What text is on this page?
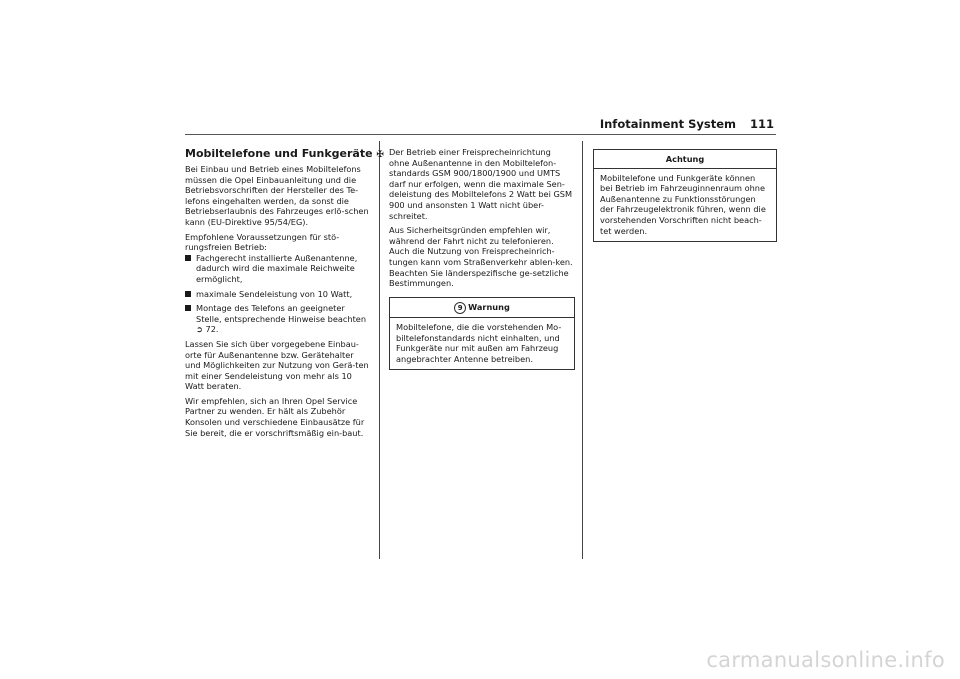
Infotainment System 111
Mobiltelefone und Funkgeräte ✠

Bei Einbau und Betrieb eines Mobiltelefons müssen die Opel Einbauanleitung und die Betriebsvorschriften der Hersteller des Te-lefons eingehalten werden, da sonst die Betriebserlaubnis des Fahrzeuges erlö-schen kann (EU-Direktive 95/54/EG).

Empfohlene Voraussetzungen für stö-rungsfreien Betrieb:

Fachgerecht installierte Außenantenne, dadurch wird die maximale Reichweite ermöglicht,
maximale Sendeleistung von 10 Watt,
Montage des Telefons an geeigneter Stelle, entsprechende Hinweise beachten
➲ 72.

Lassen Sie sich über vorgegebene Einbau-orte für Außenantenne bzw. Gerätehalter und Möglichkeiten zur Nutzung von Gerä-ten mit einer Sendeleistung von mehr als 10 Watt beraten.

Wir empfehlen, sich an Ihren Opel Service Partner zu wenden. Er hält als Zubehör Konsolen und verschiedene Einbausätze für Sie bereit, die er vorschriftsmäßig ein-baut.

Der Betrieb einer Freisprecheinrichtung ohne Außenantenne in den Mobiltelefon-standards GSM 900/1800/1900 und UMTS darf nur erfolgen, wenn die maximale Sen-deleistung des Mobiltelefons 2 Watt bei GSM 900 und ansonsten 1 Watt nicht über-schreitet.

Aus Sicherheitsgründen empfehlen wir, während der Fahrt nicht zu telefonieren. Auch die Nutzung von Freisprecheinrich-tungen kann vom Straßenverkehr ablen-ken. Beachten Sie länderspezifische ge-setzliche Bestimmungen.

9 Warnung
Mobiltelefone, die die vorstehenden Mo-biltelefonstandards nicht einhalten, und Funkgeräte nur mit außen am Fahrzeug angebrachter Antenne betreiben.
Achtung
Mobiltelefone und Funkgeräte können bei Betrieb im Fahrzeuginnenraum ohne Außenantenne zu Funktionsstörungen der Fahrzeugelektronik führen, wenn die vorstehenden Vorschriften nicht beach-tet werden.
carmanualsonline.info
